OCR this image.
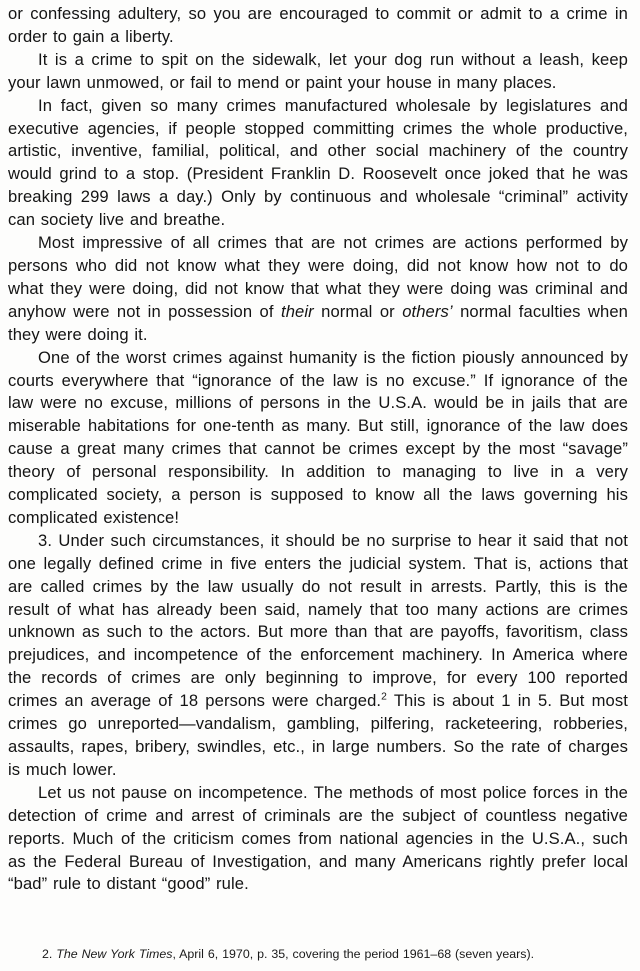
or confessing adultery, so you are encouraged to commit or admit to a crime in order to gain a liberty.

It is a crime to spit on the sidewalk, let your dog run without a leash, keep your lawn unmowed, or fail to mend or paint your house in many places.

In fact, given so many crimes manufactured wholesale by legislatures and executive agencies, if people stopped committing crimes the whole productive, artistic, inventive, familial, political, and other social machinery of the country would grind to a stop. (President Franklin D. Roosevelt once joked that he was breaking 299 laws a day.) Only by continuous and wholesale “criminal” activity can society live and breathe.

Most impressive of all crimes that are not crimes are actions performed by persons who did not know what they were doing, did not know how not to do what they were doing, did not know that what they were doing was criminal and anyhow were not in possession of their normal or others’ normal faculties when they were doing it.

One of the worst crimes against humanity is the fiction piously announced by courts everywhere that “ignorance of the law is no excuse.” If ignorance of the law were no excuse, millions of persons in the U.S.A. would be in jails that are miserable habitations for one-tenth as many. But still, ignorance of the law does cause a great many crimes that cannot be crimes except by the most “savage” theory of personal responsibility. In addition to managing to live in a very complicated society, a person is supposed to know all the laws governing his complicated existence!

3. Under such circumstances, it should be no surprise to hear it said that not one legally defined crime in five enters the judicial system. That is, actions that are called crimes by the law usually do not result in arrests. Partly, this is the result of what has already been said, namely that too many actions are crimes unknown as such to the actors. But more than that are payoffs, favoritism, class prejudices, and incompetence of the enforcement machinery. In America where the records of crimes are only beginning to improve, for every 100 reported crimes an average of 18 persons were charged.$^2$ This is about 1 in 5. But most crimes go unreported—vandalism, gambling, pilfering, racketeering, robberies, assaults, rapes, bribery, swindles, etc., in large numbers. So the rate of charges is much lower.

Let us not pause on incompetence. The methods of most police forces in the detection of crime and arrest of criminals are the subject of countless negative reports. Much of the criticism comes from national agencies in the U.S.A., such as the Federal Bureau of Investigation, and many Americans rightly prefer local “bad” rule to distant “good” rule.

2. The New York Times, April 6, 1970, p. 35, covering the period 1961–68 (seven years).
